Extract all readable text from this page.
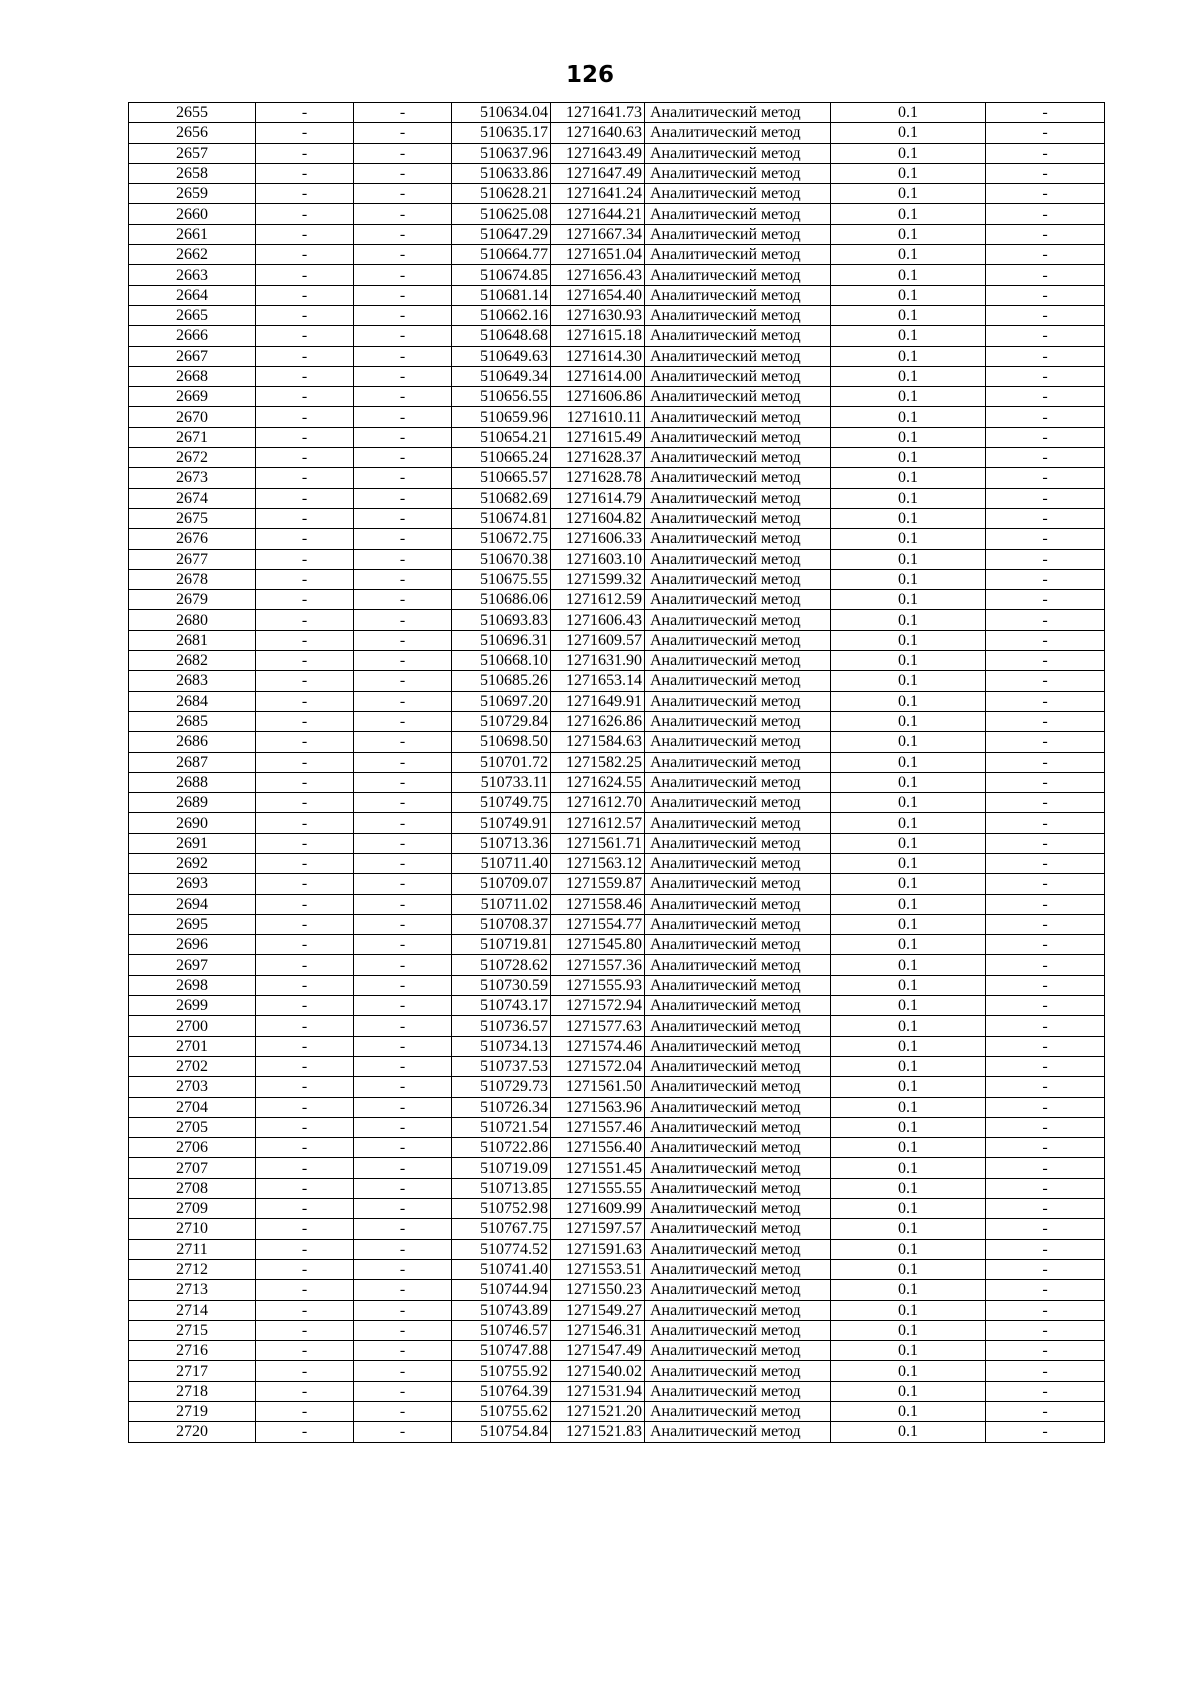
126
2655	-	-	510634.04	1271641.73	Аналитический метод	0.1	-
2656	-	-	510635.17	1271640.63	Аналитический метод	0.1	-
2657	-	-	510637.96	1271643.49	Аналитический метод	0.1	-
2658	-	-	510633.86	1271647.49	Аналитический метод	0.1	-
2659	-	-	510628.21	1271641.24	Аналитический метод	0.1	-
2660	-	-	510625.08	1271644.21	Аналитический метод	0.1	-
2661	-	-	510647.29	1271667.34	Аналитический метод	0.1	-
2662	-	-	510664.77	1271651.04	Аналитический метод	0.1	-
2663	-	-	510674.85	1271656.43	Аналитический метод	0.1	-
2664	-	-	510681.14	1271654.40	Аналитический метод	0.1	-
2665	-	-	510662.16	1271630.93	Аналитический метод	0.1	-
2666	-	-	510648.68	1271615.18	Аналитический метод	0.1	-
2667	-	-	510649.63	1271614.30	Аналитический метод	0.1	-
2668	-	-	510649.34	1271614.00	Аналитический метод	0.1	-
2669	-	-	510656.55	1271606.86	Аналитический метод	0.1	-
2670	-	-	510659.96	1271610.11	Аналитический метод	0.1	-
2671	-	-	510654.21	1271615.49	Аналитический метод	0.1	-
2672	-	-	510665.24	1271628.37	Аналитический метод	0.1	-
2673	-	-	510665.57	1271628.78	Аналитический метод	0.1	-
2674	-	-	510682.69	1271614.79	Аналитический метод	0.1	-
2675	-	-	510674.81	1271604.82	Аналитический метод	0.1	-
2676	-	-	510672.75	1271606.33	Аналитический метод	0.1	-
2677	-	-	510670.38	1271603.10	Аналитический метод	0.1	-
2678	-	-	510675.55	1271599.32	Аналитический метод	0.1	-
2679	-	-	510686.06	1271612.59	Аналитический метод	0.1	-
2680	-	-	510693.83	1271606.43	Аналитический метод	0.1	-
2681	-	-	510696.31	1271609.57	Аналитический метод	0.1	-
2682	-	-	510668.10	1271631.90	Аналитический метод	0.1	-
2683	-	-	510685.26	1271653.14	Аналитический метод	0.1	-
2684	-	-	510697.20	1271649.91	Аналитический метод	0.1	-
2685	-	-	510729.84	1271626.86	Аналитический метод	0.1	-
2686	-	-	510698.50	1271584.63	Аналитический метод	0.1	-
2687	-	-	510701.72	1271582.25	Аналитический метод	0.1	-
2688	-	-	510733.11	1271624.55	Аналитический метод	0.1	-
2689	-	-	510749.75	1271612.70	Аналитический метод	0.1	-
2690	-	-	510749.91	1271612.57	Аналитический метод	0.1	-
2691	-	-	510713.36	1271561.71	Аналитический метод	0.1	-
2692	-	-	510711.40	1271563.12	Аналитический метод	0.1	-
2693	-	-	510709.07	1271559.87	Аналитический метод	0.1	-
2694	-	-	510711.02	1271558.46	Аналитический метод	0.1	-
2695	-	-	510708.37	1271554.77	Аналитический метод	0.1	-
2696	-	-	510719.81	1271545.80	Аналитический метод	0.1	-
2697	-	-	510728.62	1271557.36	Аналитический метод	0.1	-
2698	-	-	510730.59	1271555.93	Аналитический метод	0.1	-
2699	-	-	510743.17	1271572.94	Аналитический метод	0.1	-
2700	-	-	510736.57	1271577.63	Аналитический метод	0.1	-
2701	-	-	510734.13	1271574.46	Аналитический метод	0.1	-
2702	-	-	510737.53	1271572.04	Аналитический метод	0.1	-
2703	-	-	510729.73	1271561.50	Аналитический метод	0.1	-
2704	-	-	510726.34	1271563.96	Аналитический метод	0.1	-
2705	-	-	510721.54	1271557.46	Аналитический метод	0.1	-
2706	-	-	510722.86	1271556.40	Аналитический метод	0.1	-
2707	-	-	510719.09	1271551.45	Аналитический метод	0.1	-
2708	-	-	510713.85	1271555.55	Аналитический метод	0.1	-
2709	-	-	510752.98	1271609.99	Аналитический метод	0.1	-
2710	-	-	510767.75	1271597.57	Аналитический метод	0.1	-
2711	-	-	510774.52	1271591.63	Аналитический метод	0.1	-
2712	-	-	510741.40	1271553.51	Аналитический метод	0.1	-
2713	-	-	510744.94	1271550.23	Аналитический метод	0.1	-
2714	-	-	510743.89	1271549.27	Аналитический метод	0.1	-
2715	-	-	510746.57	1271546.31	Аналитический метод	0.1	-
2716	-	-	510747.88	1271547.49	Аналитический метод	0.1	-
2717	-	-	510755.92	1271540.02	Аналитический метод	0.1	-
2718	-	-	510764.39	1271531.94	Аналитический метод	0.1	-
2719	-	-	510755.62	1271521.20	Аналитический метод	0.1	-
2720	-	-	510754.84	1271521.83	Аналитический метод	0.1	-
